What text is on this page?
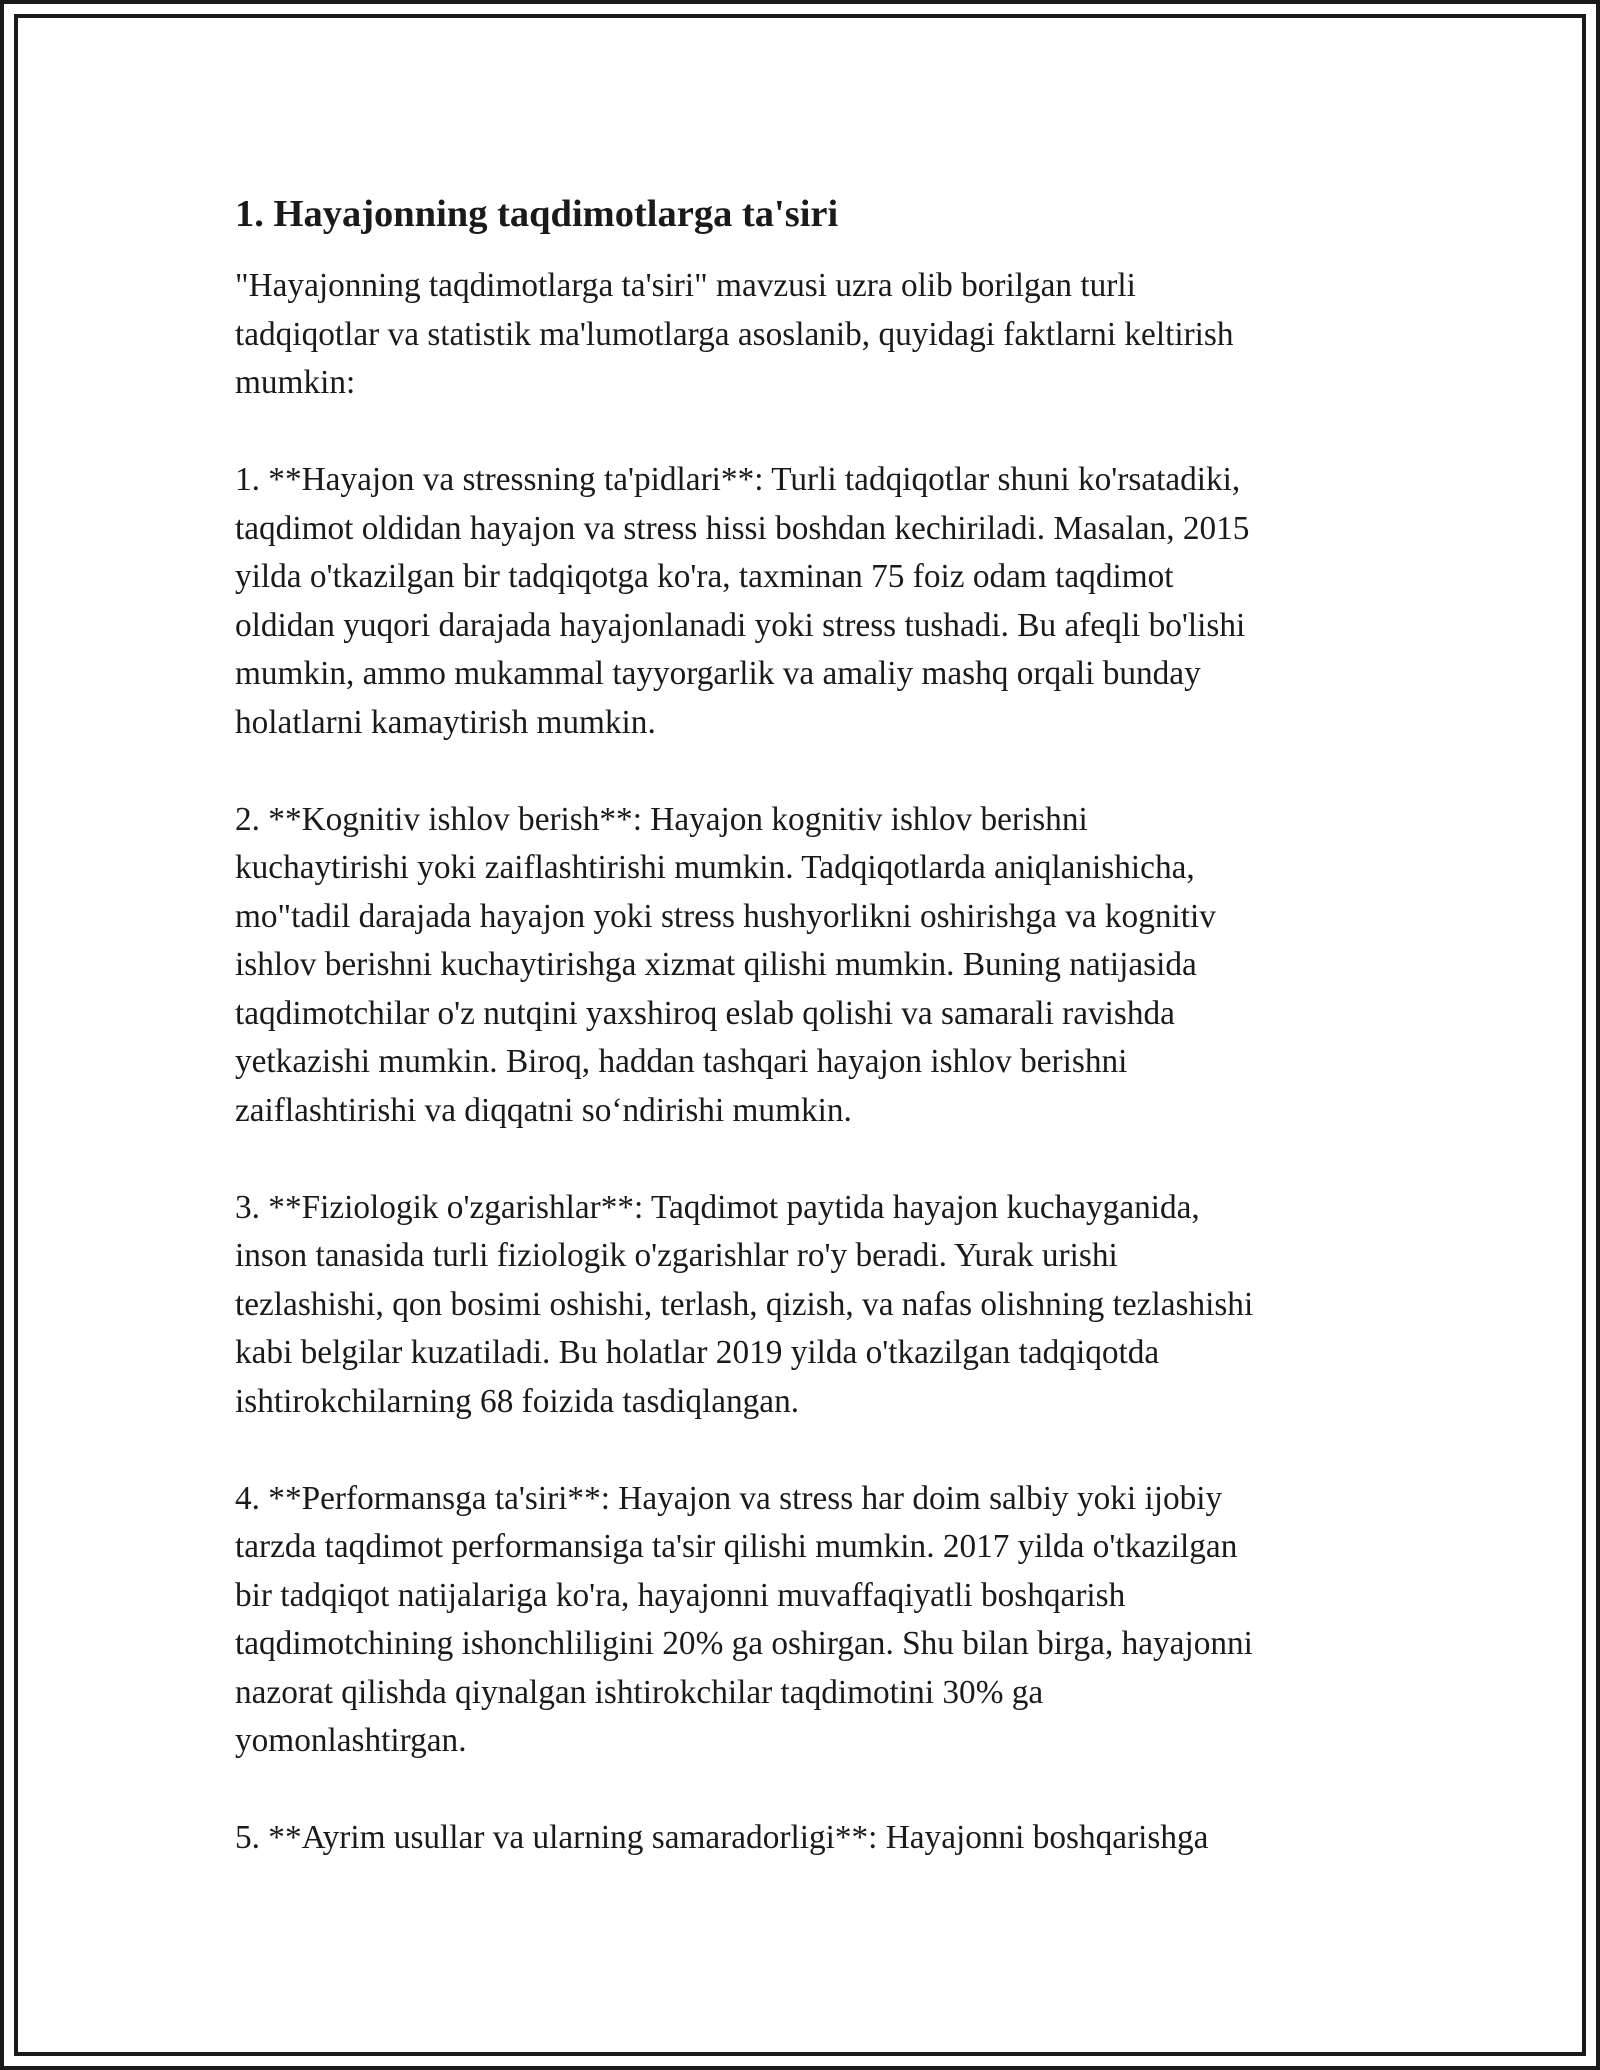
1. Hayajonning taqdimotlarga ta'siri

"Hayajonning taqdimotlarga ta'siri" mavzusi uzra olib borilgan turli
tadqiqotlar va statistik ma'lumotlarga asoslanib, quyidagi faktlarni keltirish
mumkin:

1. **Hayajon va stressning ta'pidlari**: Turli tadqiqotlar shuni ko'rsatadiki,
taqdimot oldidan hayajon va stress hissi boshdan kechiriladi. Masalan, 2015
yilda o'tkazilgan bir tadqiqotga ko'ra, taxminan 75 foiz odam taqdimot
oldidan yuqori darajada hayajonlanadi yoki stress tushadi. Bu afeqli bo'lishi
mumkin, ammo mukammal tayyorgarlik va amaliy mashq orqali bunday
holatlarni kamaytirish mumkin.

2. **Kognitiv ishlov berish**: Hayajon kognitiv ishlov berishni
kuchaytirishi yoki zaiflashtirishi mumkin. Tadqiqotlarda aniqlanishicha,
mo"tadil darajada hayajon yoki stress hushyorlikni oshirishga va kognitiv
ishlov berishni kuchaytirishga xizmat qilishi mumkin. Buning natijasida
taqdimotchilar o'z nutqini yaxshiroq eslab qolishi va samarali ravishda
yetkazishi mumkin. Biroq, haddan tashqari hayajon ishlov berishni
zaiflashtirishi va diqqatni so‘ndirishi mumkin.

3. **Fiziologik o'zgarishlar**: Taqdimot paytida hayajon kuchayganida,
inson tanasida turli fiziologik o'zgarishlar ro'y beradi. Yurak urishi
tezlashishi, qon bosimi oshishi, terlash, qizish, va nafas olishning tezlashishi
kabi belgilar kuzatiladi. Bu holatlar 2019 yilda o'tkazilgan tadqiqotda
ishtirokchilarning 68 foizida tasdiqlangan.

4. **Performansga ta'siri**: Hayajon va stress har doim salbiy yoki ijobiy
tarzda taqdimot performansiga ta'sir qilishi mumkin. 2017 yilda o'tkazilgan
bir tadqiqot natijalariga ko'ra, hayajonni muvaffaqiyatli boshqarish
taqdimotchining ishonchliligini 20% ga oshirgan. Shu bilan birga, hayajonni
nazorat qilishda qiynalgan ishtirokchilar taqdimotini 30% ga
yomonlashtirgan.

5. **Ayrim usullar va ularning samaradorligi**: Hayajonni boshqarishga
